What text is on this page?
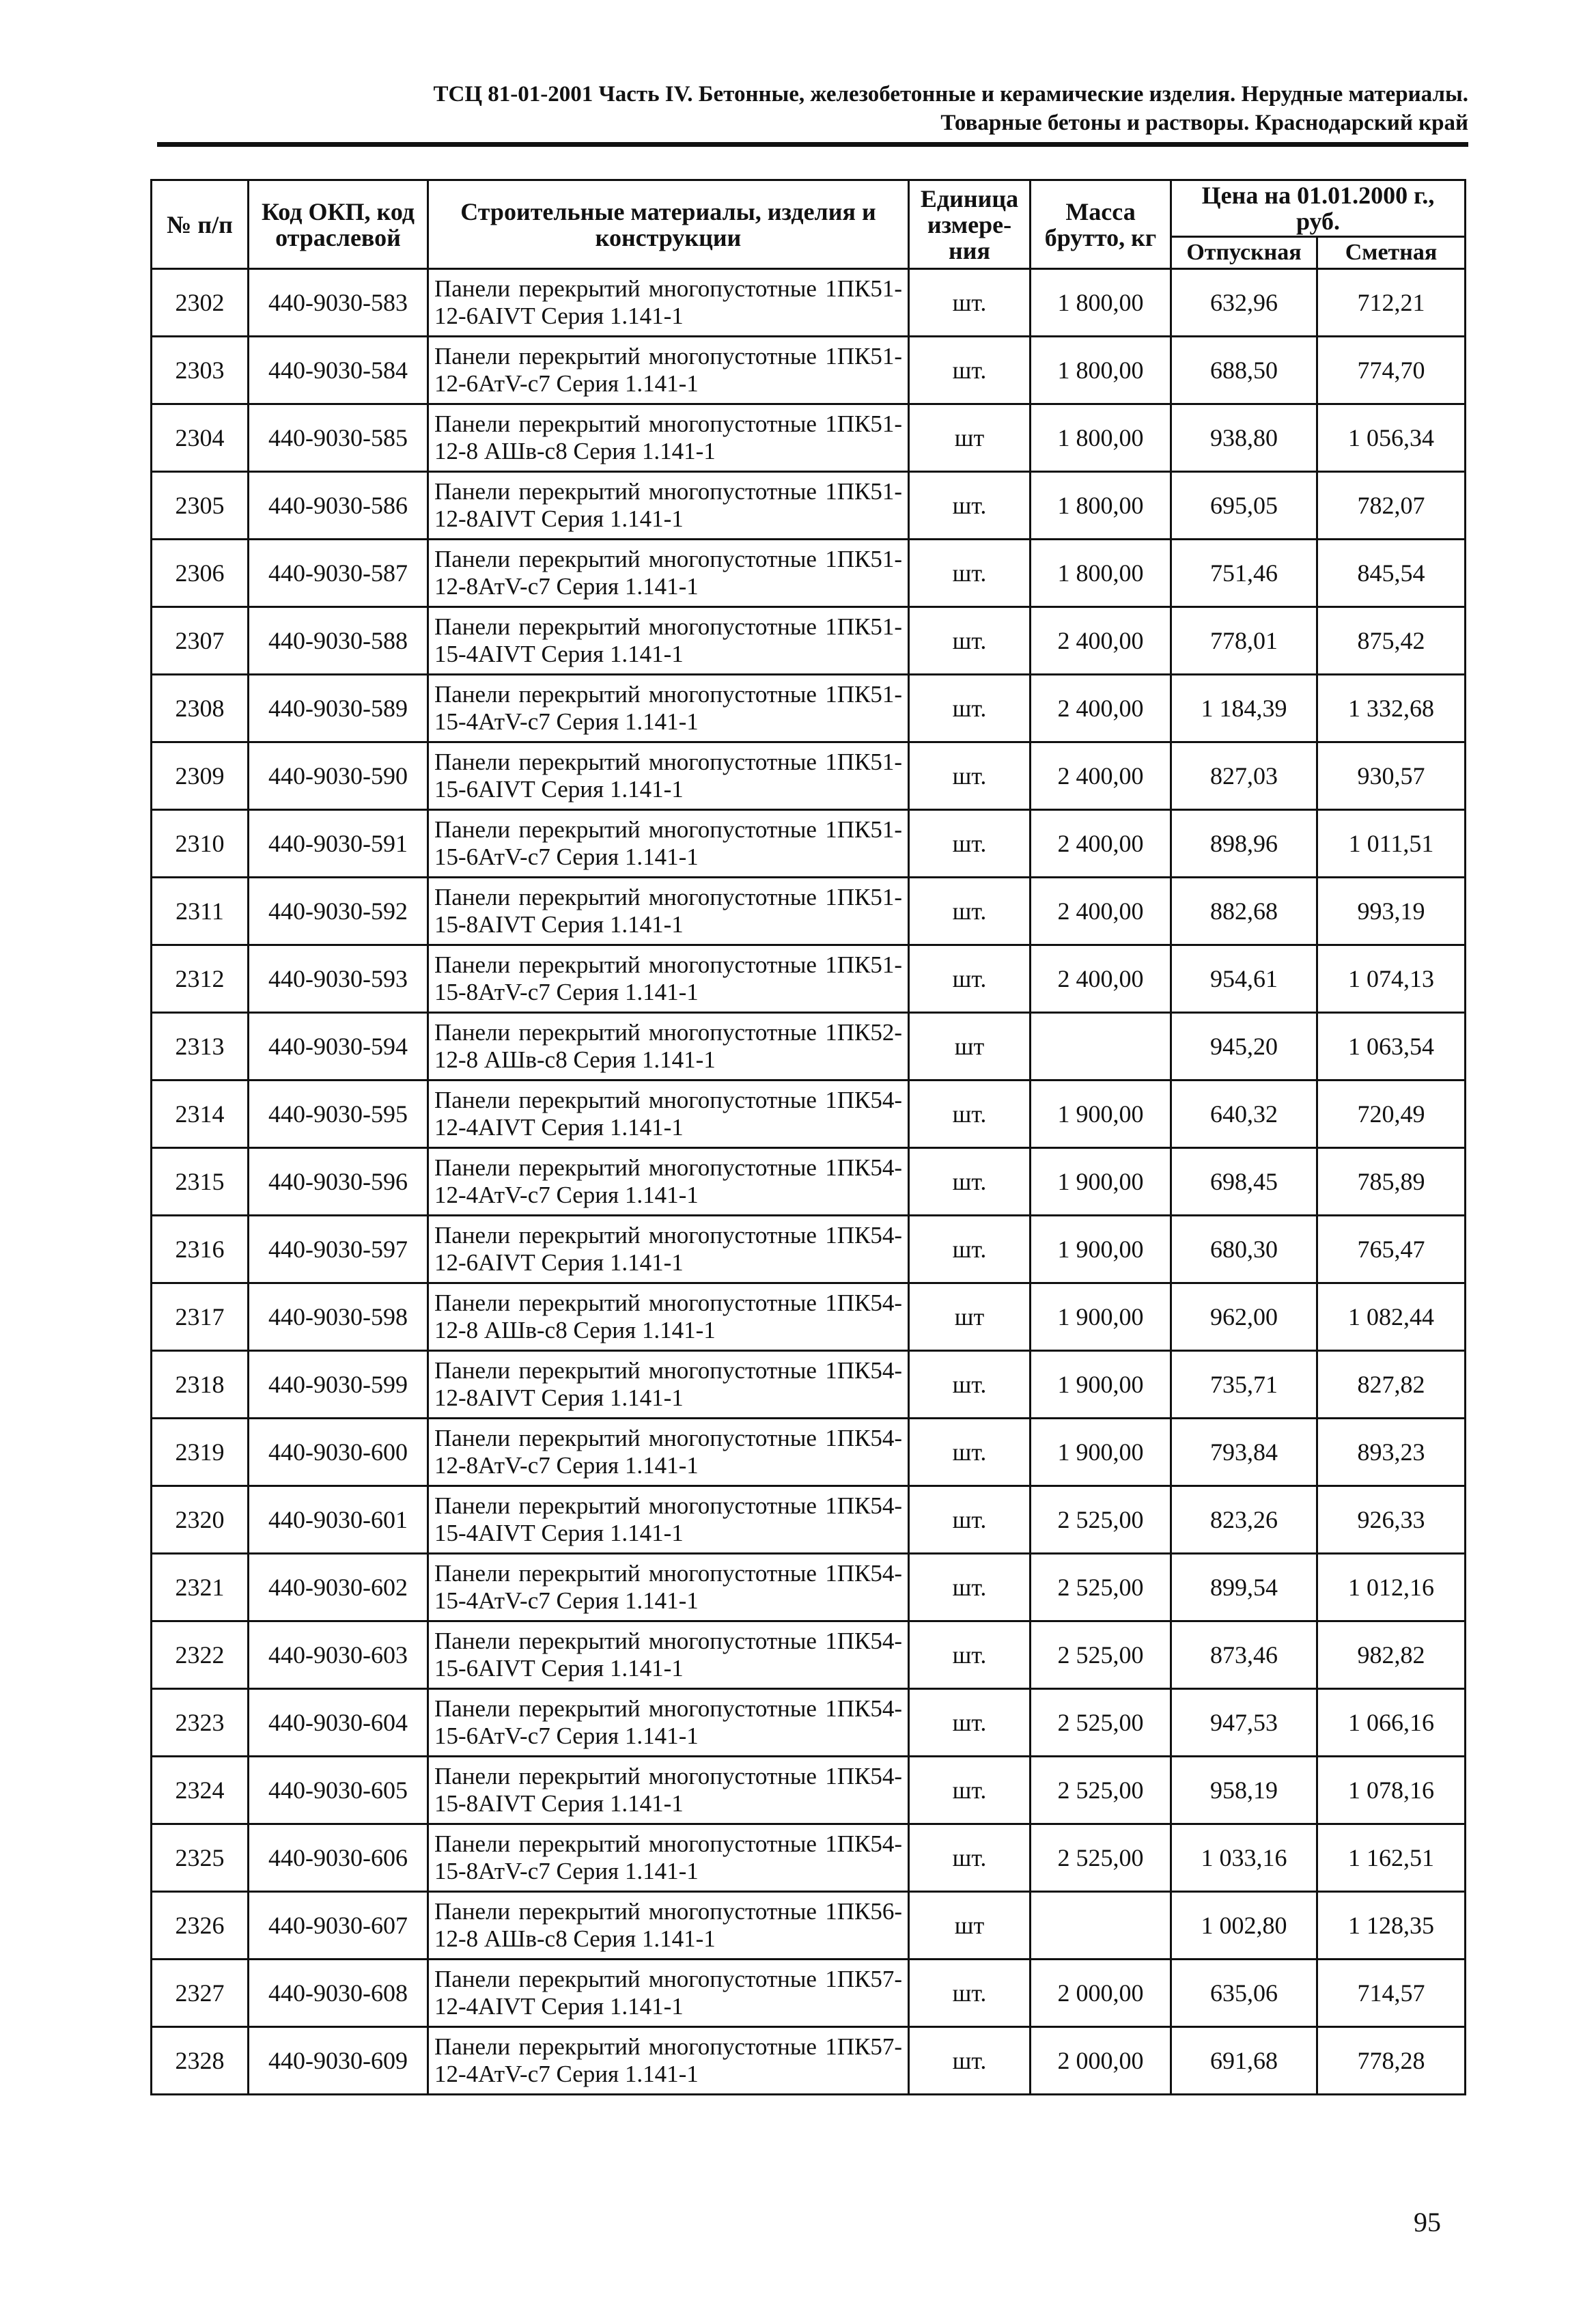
ТСЦ 81-01-2001 Часть IV. Бетонные, железобетонные и керамические изделия. Нерудные материалы.
Товарные бетоны и растворы. Краснодарский край
№ п/п	Код ОКП, код отраслевой	Строительные материалы, изделия и конструкции	Единица измере-ния	Масса брутто, кг	Цена на 01.01.2000 г., руб.	
					Отпускная	Сметная
2302	440-9030-583	Панели перекрытий многопустотные 1ПК51-12-6АIVТ Серия 1.141-1	шт.	1 800,00	632,96	712,21
2303	440-9030-584	Панели перекрытий многопустотные 1ПК51-12-6АтV-с7 Серия 1.141-1	шт.	1 800,00	688,50	774,70
2304	440-9030-585	Панели перекрытий многопустотные 1ПК51-12-8 АШв-с8 Серия 1.141-1	шт	1 800,00	938,80	1 056,34
2305	440-9030-586	Панели перекрытий многопустотные 1ПК51-12-8АIVТ Серия 1.141-1	шт.	1 800,00	695,05	782,07
2306	440-9030-587	Панели перекрытий многопустотные 1ПК51-12-8АтV-с7 Серия 1.141-1	шт.	1 800,00	751,46	845,54
2307	440-9030-588	Панели перекрытий многопустотные 1ПК51-15-4АIVТ Серия 1.141-1	шт.	2 400,00	778,01	875,42
2308	440-9030-589	Панели перекрытий многопустотные 1ПК51-15-4АтV-с7 Серия 1.141-1	шт.	2 400,00	1 184,39	1 332,68
2309	440-9030-590	Панели перекрытий многопустотные 1ПК51-15-6АIVТ Серия 1.141-1	шт.	2 400,00	827,03	930,57
2310	440-9030-591	Панели перекрытий многопустотные 1ПК51-15-6АтV-с7 Серия 1.141-1	шт.	2 400,00	898,96	1 011,51
2311	440-9030-592	Панели перекрытий многопустотные 1ПК51-15-8АIVТ Серия 1.141-1	шт.	2 400,00	882,68	993,19
2312	440-9030-593	Панели перекрытий многопустотные 1ПК51-15-8АтV-с7 Серия 1.141-1	шт.	2 400,00	954,61	1 074,13
2313	440-9030-594	Панели перекрытий многопустотные 1ПК52-12-8 АШв-с8 Серия 1.141-1	шт		945,20	1 063,54
2314	440-9030-595	Панели перекрытий многопустотные 1ПК54-12-4АIVТ Серия 1.141-1	шт.	1 900,00	640,32	720,49
2315	440-9030-596	Панели перекрытий многопустотные 1ПК54-12-4АтV-с7 Серия 1.141-1	шт.	1 900,00	698,45	785,89
2316	440-9030-597	Панели перекрытий многопустотные 1ПК54-12-6АIVТ Серия 1.141-1	шт.	1 900,00	680,30	765,47
2317	440-9030-598	Панели перекрытий многопустотные 1ПК54-12-8 АШв-с8 Серия 1.141-1	шт	1 900,00	962,00	1 082,44
2318	440-9030-599	Панели перекрытий многопустотные 1ПК54-12-8АIVТ Серия 1.141-1	шт.	1 900,00	735,71	827,82
2319	440-9030-600	Панели перекрытий многопустотные 1ПК54-12-8АтV-с7 Серия 1.141-1	шт.	1 900,00	793,84	893,23
2320	440-9030-601	Панели перекрытий многопустотные 1ПК54-15-4АIVТ Серия 1.141-1	шт.	2 525,00	823,26	926,33
2321	440-9030-602	Панели перекрытий многопустотные 1ПК54-15-4АтV-с7 Серия 1.141-1	шт.	2 525,00	899,54	1 012,16
2322	440-9030-603	Панели перекрытий многопустотные 1ПК54-15-6АIVТ Серия 1.141-1	шт.	2 525,00	873,46	982,82
2323	440-9030-604	Панели перекрытий многопустотные 1ПК54-15-6АтV-с7 Серия 1.141-1	шт.	2 525,00	947,53	1 066,16
2324	440-9030-605	Панели перекрытий многопустотные 1ПК54-15-8АIVТ Серия 1.141-1	шт.	2 525,00	958,19	1 078,16
2325	440-9030-606	Панели перекрытий многопустотные 1ПК54-15-8АтV-с7 Серия 1.141-1	шт.	2 525,00	1 033,16	1 162,51
2326	440-9030-607	Панели перекрытий многопустотные 1ПК56-12-8 АШв-с8 Серия 1.141-1	шт		1 002,80	1 128,35
2327	440-9030-608	Панели перекрытий многопустотные 1ПК57-12-4АIVТ Серия 1.141-1	шт.	2 000,00	635,06	714,57
2328	440-9030-609	Панели перекрытий многопустотные 1ПК57-12-4АтV-с7 Серия 1.141-1	шт.	2 000,00	691,68	778,28
95
